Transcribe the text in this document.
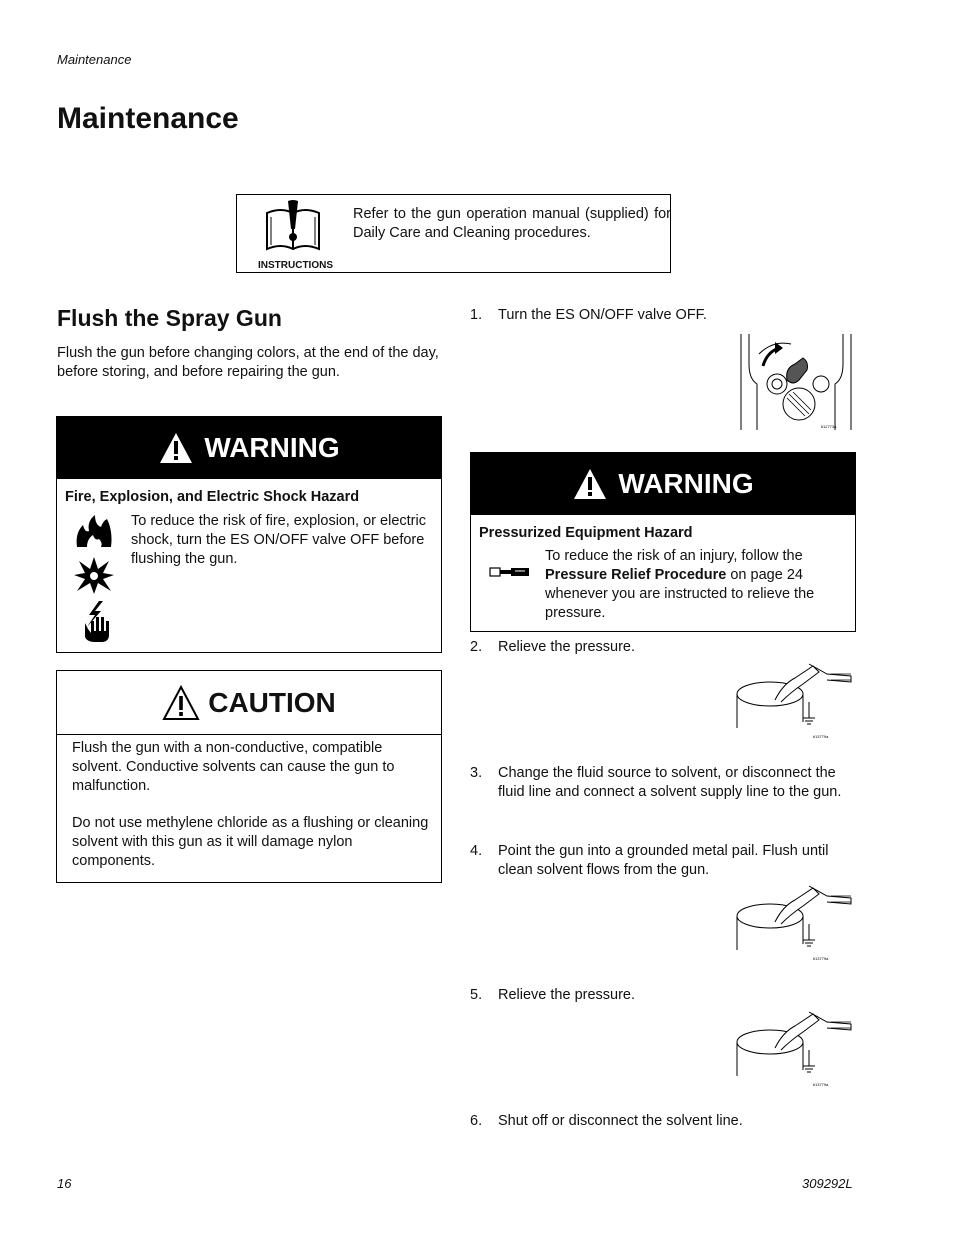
Maintenance
Maintenance
INSTRUCTIONS
Refer to the gun operation manual (supplied) for Daily Care and Cleaning procedures.
Flush the Spray Gun
Flush the gun before changing colors, at the end of the day, before storing, and before repairing the gun.
WARNING
Fire, Explosion, and Electric Shock Hazard
To reduce the risk of fire, explosion, or electric shock, turn the ES ON/OFF valve OFF before flushing the gun.
CAUTION
Flush the gun with a non-conductive, compatible solvent. Conductive solvents can cause the gun to malfunction.
Do not use methylene chloride as a flushing or cleaning solvent with this gun as it will damage nylon components.
1. Turn the ES ON/OFF valve OFF.
ti12773a
WARNING
Pressurized Equipment Hazard
To reduce the risk of an injury, follow the Pressure Relief Procedure on page 24 whenever you are instructed to relieve the pressure.
2. Relieve the pressure.
ti13779a
3. Change the fluid source to solvent, or disconnect the fluid line and connect a solvent supply line to the gun.
4. Point the gun into a grounded metal pail. Flush until clean solvent flows from the gun.
ti13779a
5. Relieve the pressure.
ti13779a
6. Shut off or disconnect the solvent line.
16	309292L
